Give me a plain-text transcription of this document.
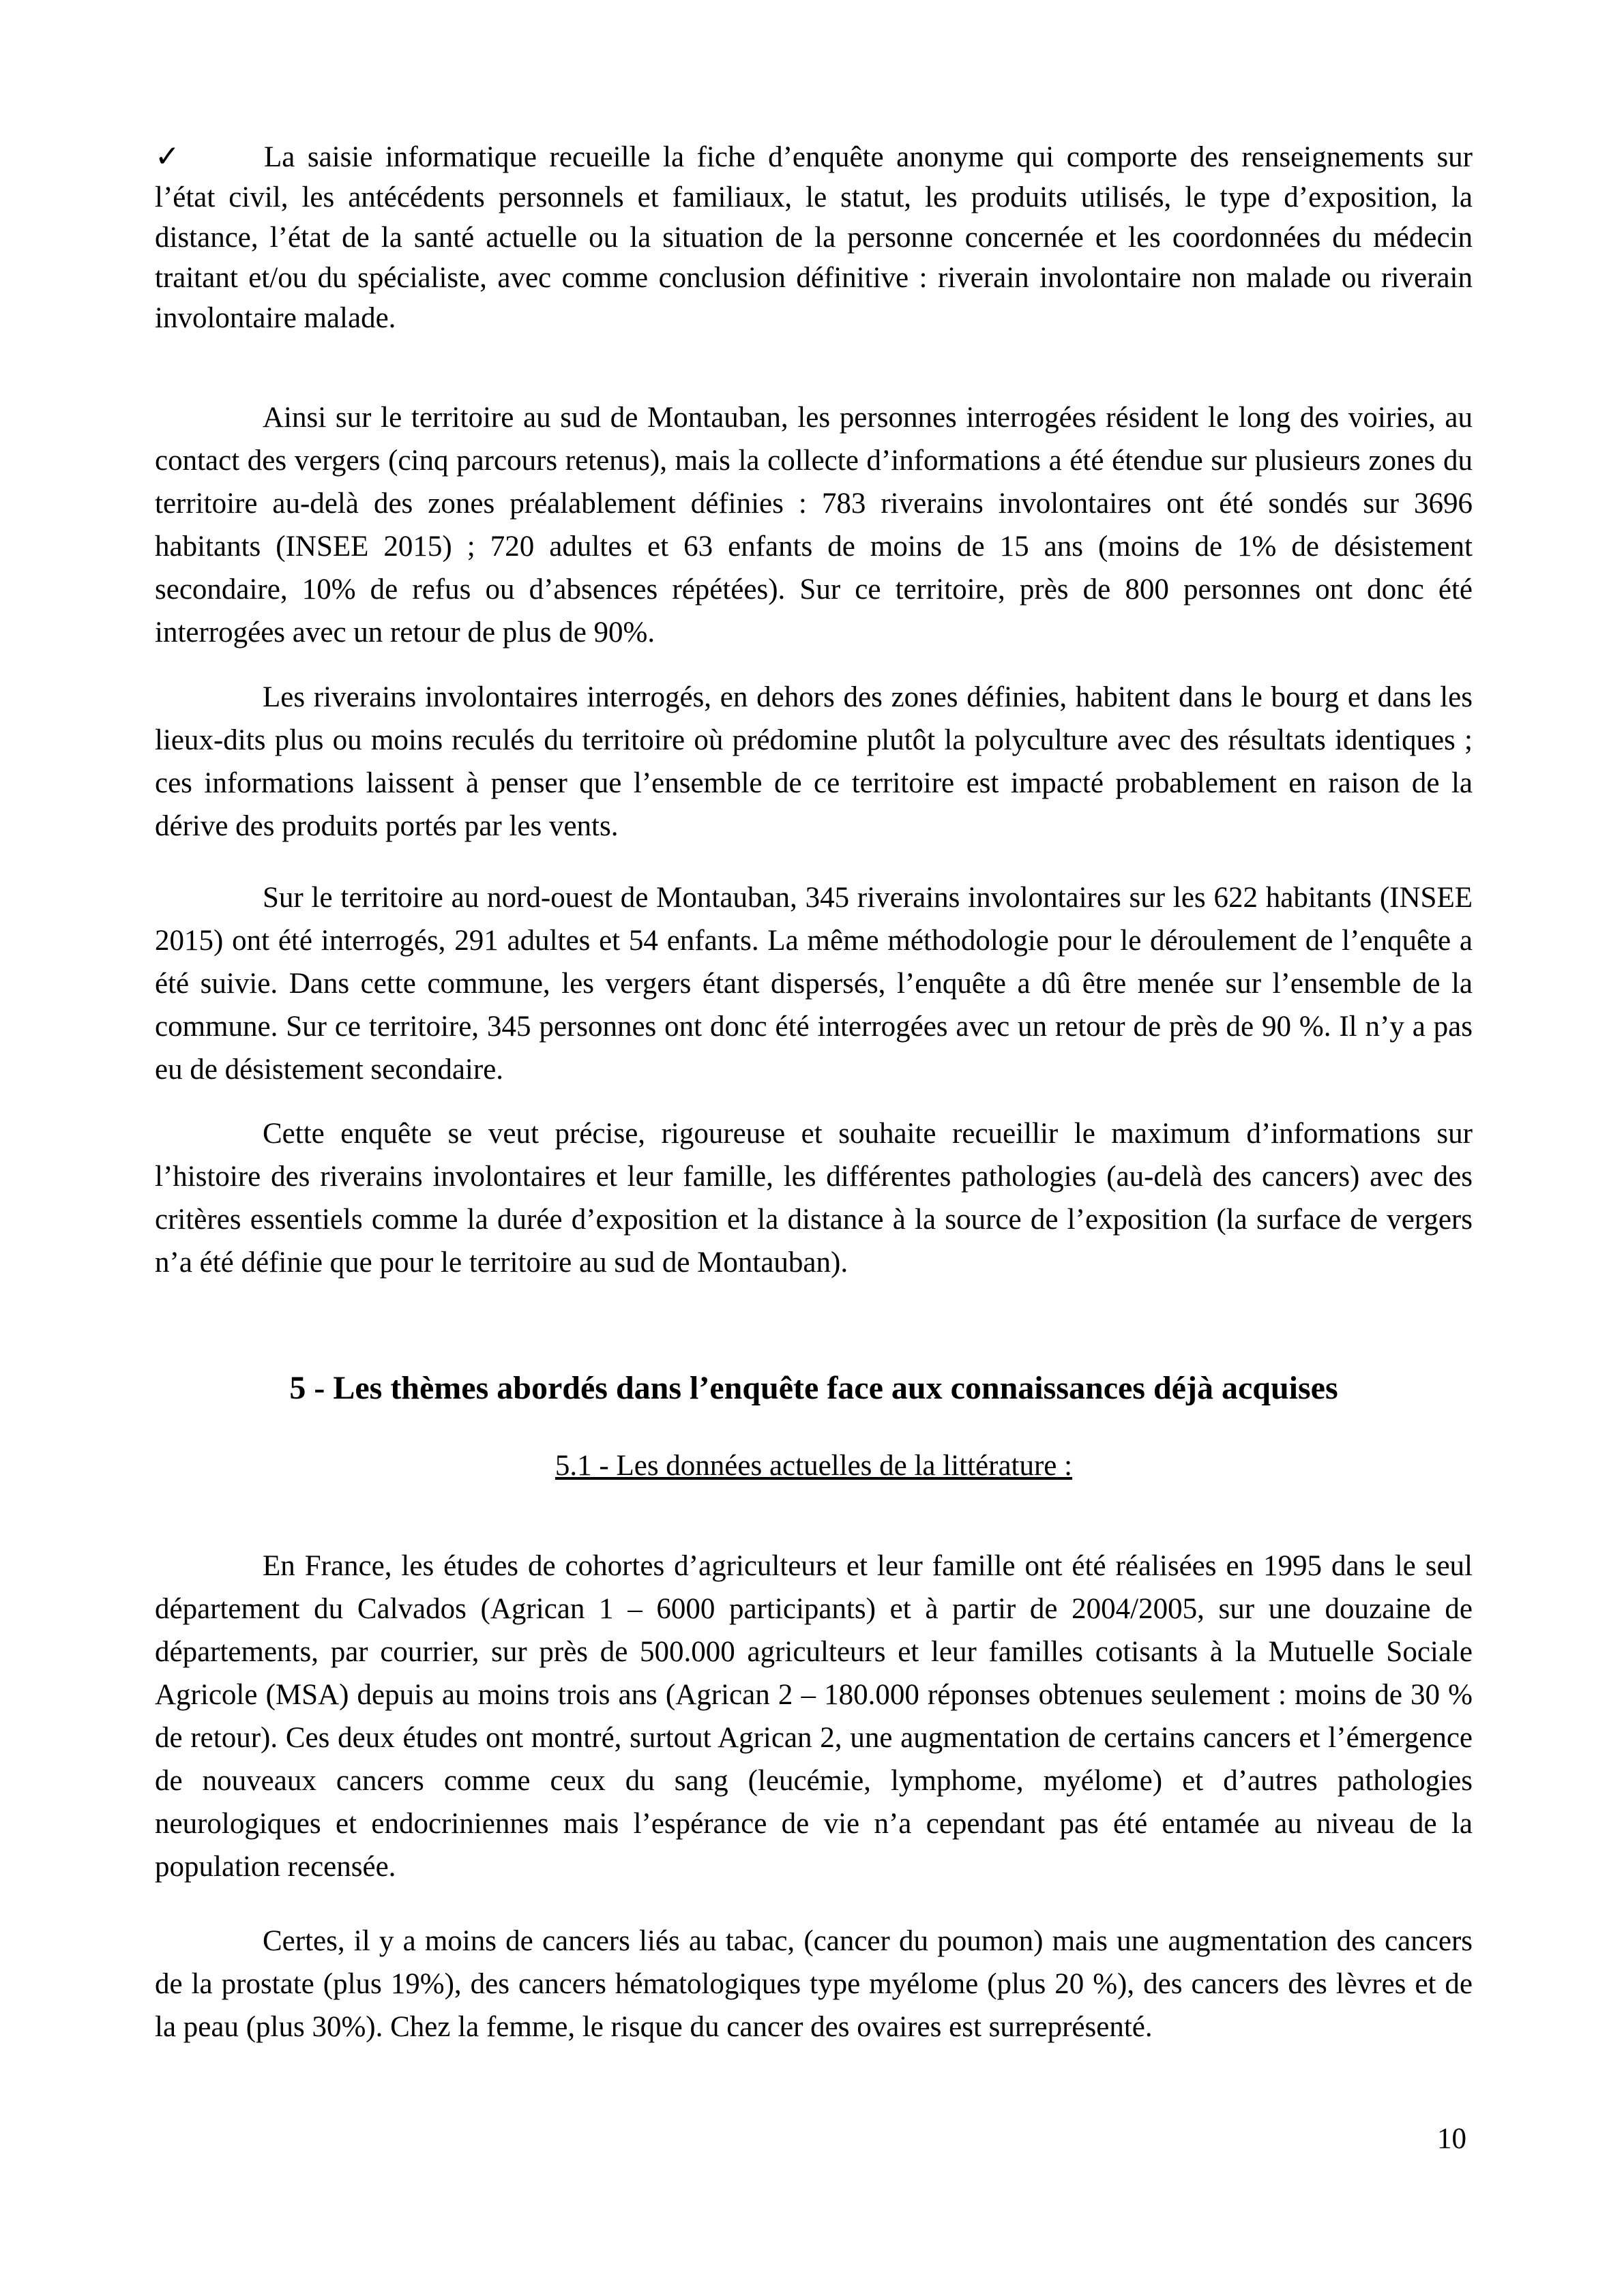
✓	La saisie informatique recueille la fiche d’enquête anonyme qui comporte des renseignements sur l’état civil, les antécédents personnels et familiaux, le statut, les produits utilisés, le type d’exposition, la distance, l’état de la santé actuelle ou la situation de la personne concernée et les coordonnées du médecin traitant et/ou du spécialiste, avec comme conclusion définitive : riverain involontaire non malade ou riverain involontaire malade.

Ainsi sur le territoire au sud de Montauban, les personnes interrogées résident le long des voiries, au contact des vergers (cinq parcours retenus), mais la collecte d’informations a été étendue sur plusieurs zones du territoire au-delà des zones préalablement définies : 783 riverains involontaires ont été sondés sur 3696 habitants (INSEE 2015) ; 720 adultes et 63 enfants de moins de 15 ans (moins de 1% de désistement secondaire, 10% de refus ou d’absences répétées). Sur ce territoire, près de 800 personnes ont donc été interrogées avec un retour de plus de 90%.

Les riverains involontaires interrogés, en dehors des zones définies, habitent dans le bourg et dans les lieux-dits plus ou moins reculés du territoire où prédomine plutôt la polyculture avec des résultats identiques ; ces informations laissent à penser que l’ensemble de ce territoire est impacté probablement en raison de la dérive des produits portés par les vents.

Sur le territoire au nord-ouest de Montauban, 345 riverains involontaires sur les 622 habitants (INSEE 2015) ont été interrogés, 291 adultes et 54 enfants. La même méthodologie pour le déroulement de l’enquête a été suivie. Dans cette commune, les vergers étant dispersés, l’enquête a dû être menée sur l’ensemble de la commune. Sur ce territoire, 345 personnes ont donc été interrogées avec un retour de près de 90 %. Il n’y a pas eu de désistement secondaire.

Cette enquête se veut précise, rigoureuse et souhaite recueillir le maximum d’informations sur l’histoire des riverains involontaires et leur famille, les différentes pathologies (au-delà des cancers) avec des critères essentiels comme la durée d’exposition et la distance à la source de l’exposition (la surface de vergers n’a été définie que pour le territoire au sud de Montauban).

5 - Les thèmes abordés dans l’enquête face aux connaissances déjà acquises
5.1 - Les données actuelles de la littérature :

En France, les études de cohortes d’agriculteurs et leur famille ont été réalisées en 1995 dans le seul département du Calvados (Agrican 1 – 6000 participants) et à partir de 2004/2005, sur une douzaine de départements, par courrier, sur près de 500.000 agriculteurs et leur familles cotisants à la Mutuelle Sociale Agricole (MSA) depuis au moins trois ans (Agrican 2 – 180.000 réponses obtenues seulement : moins de 30 % de retour). Ces deux études ont montré, surtout Agrican 2, une augmentation de certains cancers et l’émergence de nouveaux cancers comme ceux du sang (leucémie, lymphome, myélome) et d’autres pathologies neurologiques et endocriniennes mais l’espérance de vie n’a cependant pas été entamée au niveau de la population recensée.

Certes, il y a moins de cancers liés au tabac, (cancer du poumon) mais une augmentation des cancers de la prostate (plus 19%), des cancers hématologiques type myélome (plus 20 %), des cancers des lèvres et de la peau (plus 30%). Chez la femme, le risque du cancer des ovaires est surreprésenté.

10
